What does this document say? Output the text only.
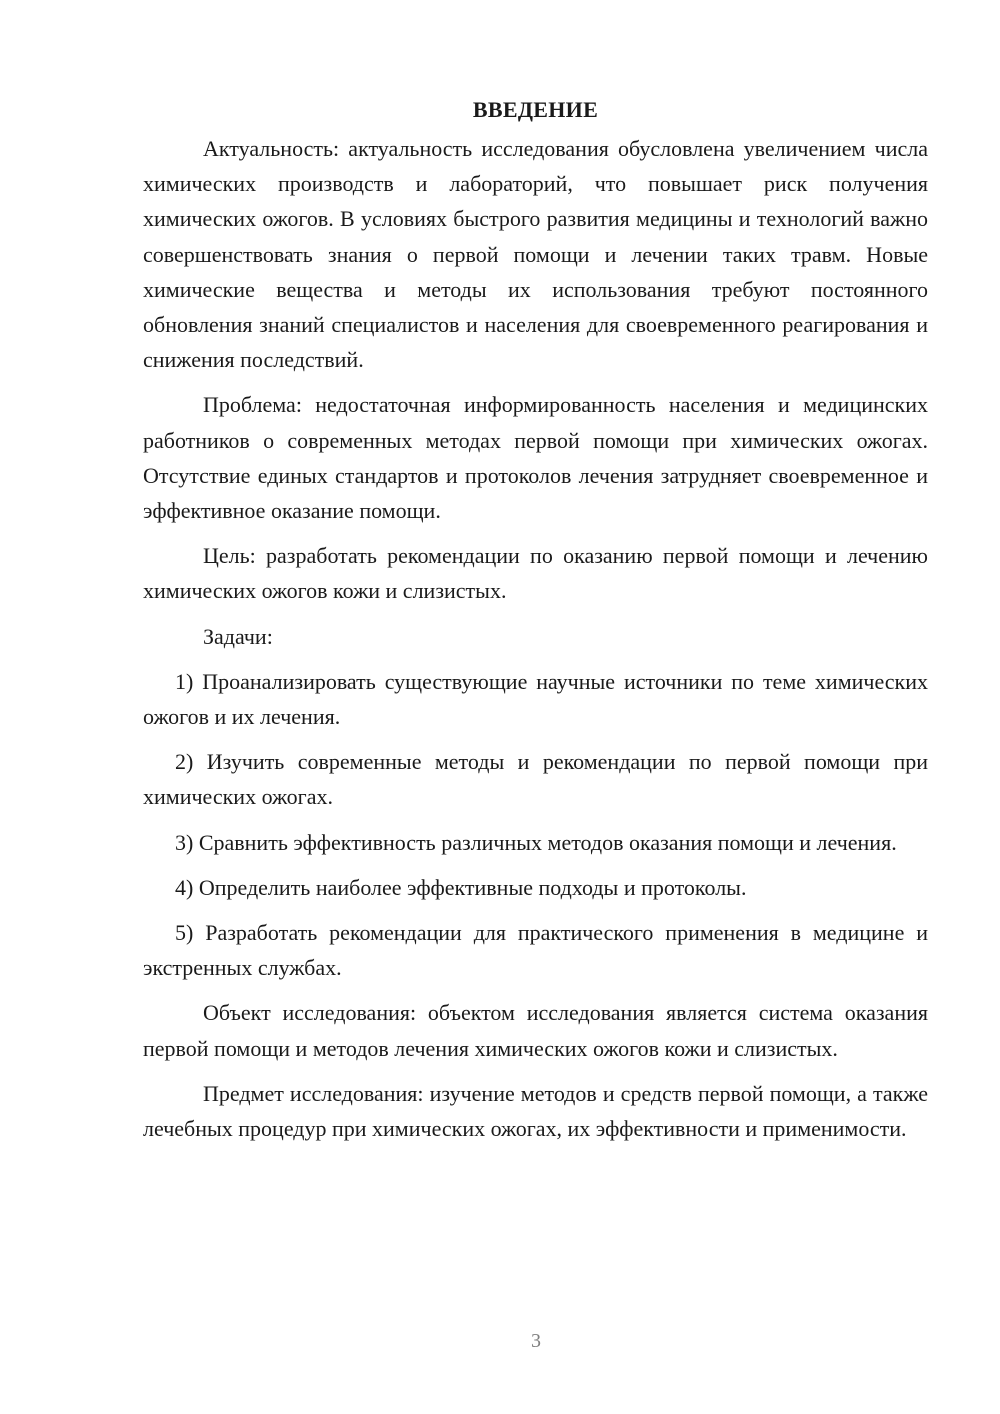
ВВЕДЕНИЕ

Актуальность: актуальность исследования обусловлена увеличением числа химических производств и лабораторий, что повышает риск получения химических ожогов. В условиях быстрого развития медицины и технологий важно совершенствовать знания о первой помощи и лечении таких травм. Новые химические вещества и методы их использования требуют постоянного обновления знаний специалистов и населения для своевременного реагирования и снижения последствий.

Проблема: недостаточная информированность населения и медицинских работников о современных методах первой помощи при химических ожогах. Отсутствие единых стандартов и протоколов лечения затрудняет своевременное и эффективное оказание помощи.

Цель: разработать рекомендации по оказанию первой помощи и лечению химических ожогов кожи и слизистых.

Задачи:

1) Проанализировать существующие научные источники по теме химических ожогов и их лечения.

2) Изучить современные методы и рекомендации по первой помощи при химических ожогах.

3) Сравнить эффективность различных методов оказания помощи и лечения.

4) Определить наиболее эффективные подходы и протоколы.

5) Разработать рекомендации для практического применения в медицине и экстренных службах.

Объект исследования: объектом исследования является система оказания первой помощи и методов лечения химических ожогов кожи и слизистых.

Предмет исследования: изучение методов и средств первой помощи, а также лечебных процедур при химических ожогах, их эффективности и применимости.

3
